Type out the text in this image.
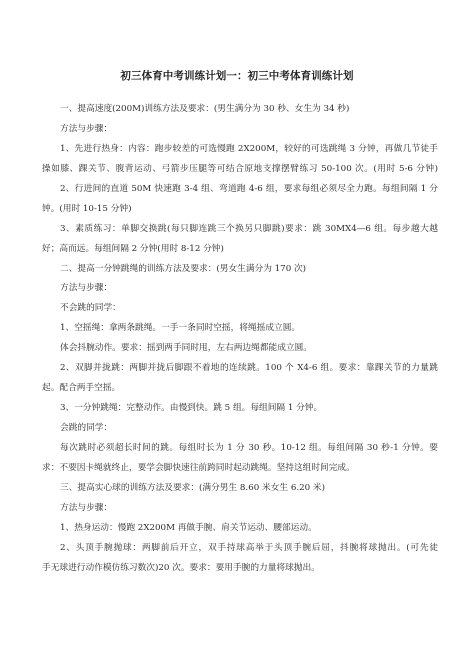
初三体育中考训练计划一：初三中考体育训练计划
一、提高速度(200M)训练方法及要求：(男生满分为 30 秒、女生为 34 秒)
方法与步骤：
1、先进行热身：内容：跑步较差的可选慢跑 2X200M，较好的可选跳绳 3 分钟，再做几节徒手
操如膝、踝关节、腹背运动、弓箭步压腿等可结合原地支撑摆臂练习 50-100 次。(用时 5-6 分钟)
2、行进间的直道 50M 快速跑 3-4 组、弯道跑 4-6 组，要求每组必须尽全力跑。每组间隔 1 分
钟。(用时 10-15 分钟)
3、素质练习：单脚交换跳(每只脚连跳三个换另只脚跳)要求：跳 30MX4—6 组。每步越大越
好；高而远。每组间隔 2 分钟(用时 8-12 分钟)
二、提高一分钟跳绳的训练方法及要求：(男女生满分为 170 次)
方法与步骤：
不会跳的同学：
1、空摇绳：拿两条跳绳。一手一条同时空摇，将绳摇成立圆。
体会抖腕动作。要求：摇到两手同时甩，左右两边绳都能成立圆。
2、双脚并拢跳：两脚并拢后脚跟不着地的连续跳。100 个 X4-6 组。要求：靠踝关节的力量跳
起。配合两手空摇。
3、一分钟跳绳：完整动作。由慢到快。跳 5 组。每组间隔 1 分钟。
会跳的同学：
每次跳时必须超长时间的跳。每组时长为 1 分 30 秒。10-12 组。每组间隔 30 秒-1 分钟。要
求：不要因卡绳就终止，要学会脚快速往前跨同时起动跳绳。坚持这组时间完成。
三、提高实心球的训练方法及要求：(满分男生 8.60 米女生 6.20 米)
方法与步骤：
1、热身运动：慢跑 2X200M 再做手腕、肩关节运动、腰部运动。
2、头顶手腕抛球：两脚前后开立，双手持球高举于头顶手腕后屈，抖腕将球抛出。(可先徒
手无球进行动作模仿练习数次)20 次。要求：要用手腕的力量将球抛出。
